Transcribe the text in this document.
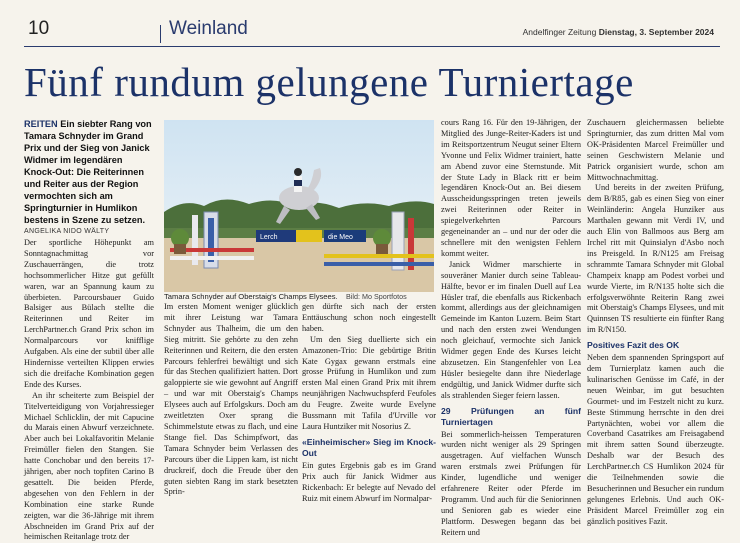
10	Weinland	Andelfinger Zeitung Dienstag, 3. September 2024
Fünf rundum gelungene Turniertage
REITEN Ein siebter Rang von Tamara Schnyder im Grand Prix und der Sieg von Janick Widmer im legendären Knock-Out: Die Reiterinnen und Reiter aus der Region vermochten sich am Springturnier in Humlikon bestens in Szene zu setzen.
ANGELIKA NIDO WÄLTY

Der sportliche Höhepunkt am Sonntagnachmittag vor Zuschauerrängen, die trotz hochsommerlicher Hitze gut gefüllt waren, war an Spannung kaum zu überbieten. Parcoursbauer Guido Balsiger aus Bülach stellte die Reiterinnen und Reiter im LerchPartner.ch Grand Prix schon im Normalparcours vor knifflige Aufgaben. Als eine der subtil über alle Hindernisse verteilten Klippen erwies sich die dreifache Kombination gegen Ende des Kurses.

An ihr scheiterte zum Beispiel der Titelverteidigung von Vorjahressieger Michael Schlicklin, der mit Capucine du Marais einen Abwurf verzeichnete. Aber auch bei Lokalfavoritin Melanie Freimüller fielen den Stangen. Sie hatte Conchobar und den bereits 17-jährigen, aber noch topfiten Carino B gesattelt. Die beiden Pferde, abgesehen von den Fehlern in der Kombination eine starke Runde zeigten, war die 36-Jährige mit ihrem Abschneiden im Grand Prix auf der heimischen Reitanlage trotz der

Lerch	die Meo
Tamara Schnyder auf Oberstaig's Champs Elysees. Bild: Mo Sportfotos

Im ersten Moment weniger glücklich mit ihrer Leistung war Tamara Schnyder aus Thalheim, die um den Sieg mitritt. Sie gehörte zu den zehn Reiterinnen und Reitern, die den ersten Parcours fehlerfrei bewältigt und sich für das Stechen qualifiziert hatten. Dort galoppierte sie wie gewohnt auf Angriff – und war mit Oberstaig's Champs Elysees auch auf Erfolgskurs. Doch am zweitletzten Oxer sprang die Schimmelstute etwas zu flach, und eine Stange fiel. Das Schimpfwort, das Tamara Schnyder beim Verlassen des Parcours über die Lippen kam, ist nicht druckreif, doch die Freude über den guten siebten Rang im stark besetzten Sprin-

gen dürfte sich nach der ersten Enttäuschung schon noch eingestellt haben.

Um den Sieg duellierte sich ein Amazonen-Trio: Die gebürtige Britin Kate Gygax gewann erstmals eine grosse Prüfung in Humlikon und zum ersten Mal einen Grand Prix mit ihrem neunjährigen Nachwuchspferd Feufoles du Feugre. Zweite wurde Evelyne Bussmann mit Tafila d'Urville vor Laura Huntziker mit Nosorius Z.

«Einheimischer» Sieg im Knock-Out

Ein gutes Ergebnis gab es im Grand Prix auch für Janick Widmer aus Rickenbach: Er belegte auf Nevado del Ruiz mit einem Abwurf im Normalpar-

cours Rang 16. Für den 19-Jährigen, der Mitglied des Junge-Reiter-Kaders ist und im Reitsportzentrum Neugut seiner Eltern Yvonne und Felix Widmer trainiert, hatte am Abend zuvor eine Sternstunde. Mit der Stute Lady in Black ritt er beim legendären Knock-Out an. Bei diesem Ausscheidungsspringen treten jeweils zwei Reiterinnen oder Reiter in spiegelverkehrten Parcours gegeneinander an – und nur der oder die schnellere mit den wenigsten Fehlern kommt weiter.

Janick Widmer marschierte in souveräner Manier durch seine Tableau-Hälfte, bevor er im finalen Duell auf Lea Hüsler traf, die ebenfalls aus Rickenbach kommt, allerdings aus der gleichnamigen Gemeinde im Kanton Luzern. Beim Start und nach den ersten zwei Wendungen noch gleichauf, vermochte sich Janick Widmer gegen Ende des Kurses leicht abzusetzen. Ein Stangenfehler von Lea Hüsler besiegelte dann ihre Niederlage endgültig, und Janick Widmer durfte sich als strahlenden Sieger feiern lassen.

29 Prüfungen an fünf Turniertagen

Bei sommerlich-heissen Temperaturen wurden nicht weniger als 29 Springen ausgetragen. Auf vielfachen Wunsch waren erstmals zwei Prüfungen für Kinder, lugendliche und weniger erfahrenere Reiter oder Pferde im Programm. Und auch für die Seniorinnen und Senioren gab es wieder eine Plattform. Deswegen begann das bei Reitern und

Zuschauern gleichermassen beliebte Springturnier, das zum dritten Mal vom OK-Präsidenten Marcel Freimüller und seinen Geschwistern Melanie und Patrick organisiert wurde, schon am Mittwochnachmittag.

Und bereits in der zweiten Prüfung, dem B/R85, gab es einen Sieg von einer Weinländerin: Angela Hunziker aus Marthalen gewann mit Verdi IV, und auch Elin von Ballmoos aus Berg am Irchel ritt mit Quinsialyn d'Asbo noch ins Preisgeld. In R/N125 am Freisag schrammte Tamara Schnyder mit Global Champeix knapp am Podest vorbei und wurde Vierte, im R/N135 holte sich die erfolgsverwöhnte Reiterin Rang zwei mit Oberstaig's Champs Elysees, und mit Quinnsen TS resultierte ein fünfter Rang im R/N150.

Positives Fazit des OK

Neben dem spannenden Springsport auf dem Turnierplatz kamen auch die kulinarischen Genüsse im Café, in der neuen Weinbar, im gut besuchten Gourmet- und im Festzelt nicht zu kurz. Beste Stimmung herrschte in den drei Partynächten, wobei vor allem die Coverband Casatrikes am Freisagabend mit ihrem satten Sound überzeugte. Deshalb war der Besuch des LerchPartner.ch CS Humlikon 2024 für die Teilnehmenden sowie die Besucherinnen und Besucher ein rundum gelungenes Erlebnis. Und auch OK-Präsident Marcel Freimüller zog ein gänzlich positives Fazit.
